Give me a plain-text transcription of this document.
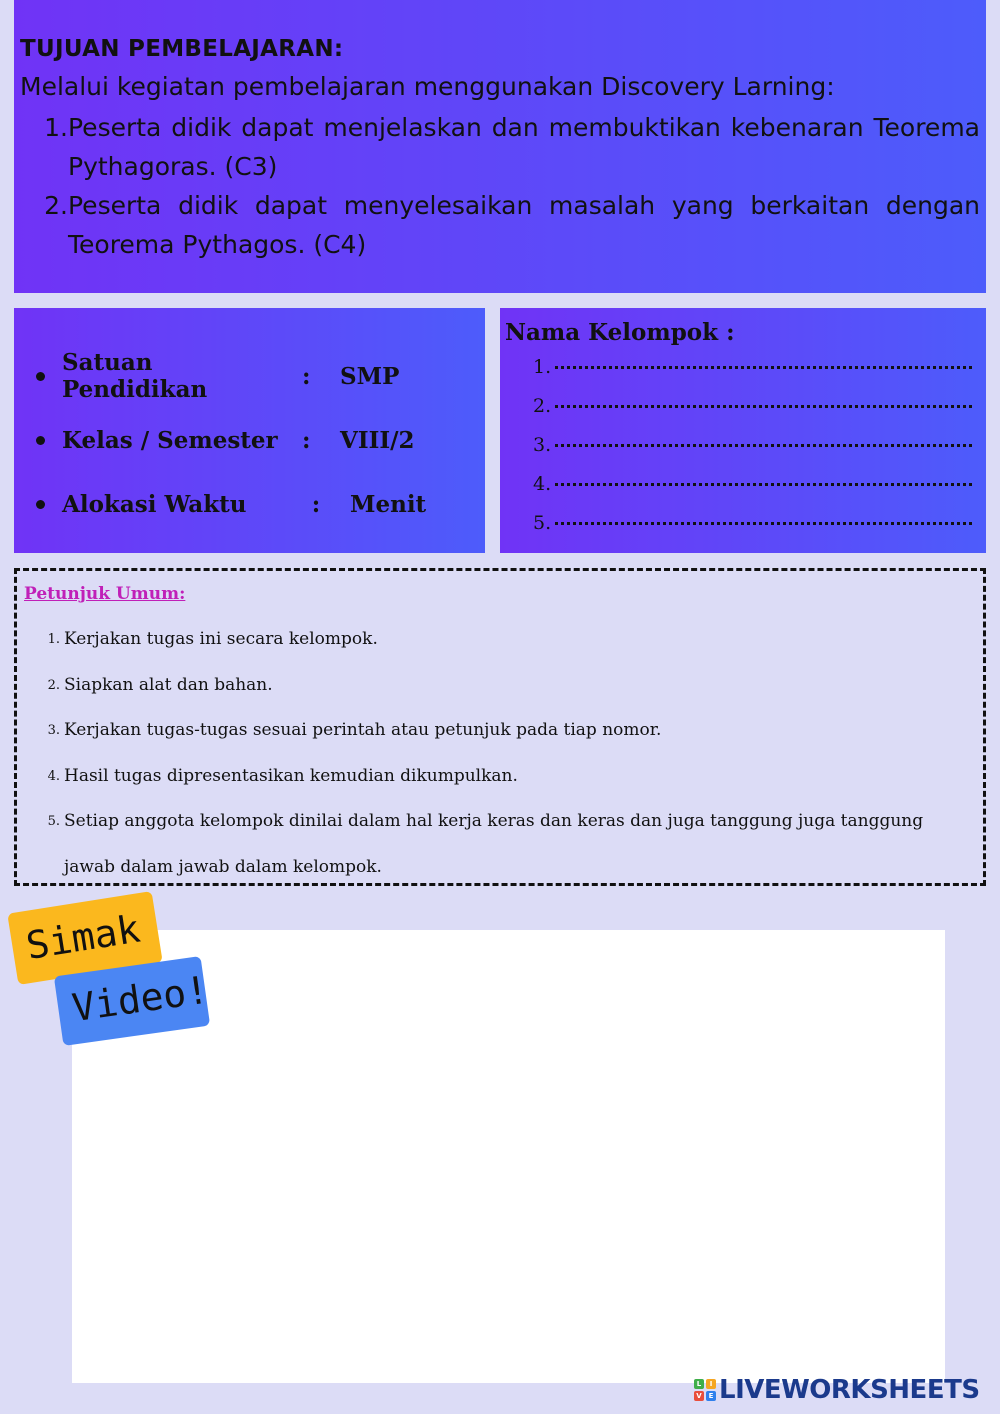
TUJUAN PEMBELAJARAN:

Melalui kegiatan pembelajaran menggunakan Discovery Larning:

1. Peserta didik dapat menjelaskan dan membuktikan kebenaran Teorema Pythagoras. (C3)
2. Peserta didik dapat menyelesaikan masalah yang berkaitan dengan Teorema Pythagos. (C4)
Satuan Pendidikan	:	SMP
Kelas / Semester	:	VIII/2
Alokasi Waktu	:	Menit
Nama Kelompok :
1.
2.
3.
4.
5.

Petunjuk Umum:

1. Kerjakan tugas ini secara kelompok.
2. Siapkan alat dan bahan.
3. Kerjakan tugas-tugas sesuai perintah atau petunjuk pada tiap nomor.
4. Hasil tugas dipresentasikan kemudian dikumpulkan.
5. Setiap anggota kelompok dinilai dalam hal kerja keras dan keras dan juga tanggung juga tanggung jawab dalam jawab dalam kelompok.
Simak
Video!
L	I
V E LIVEWORKSHEETS
